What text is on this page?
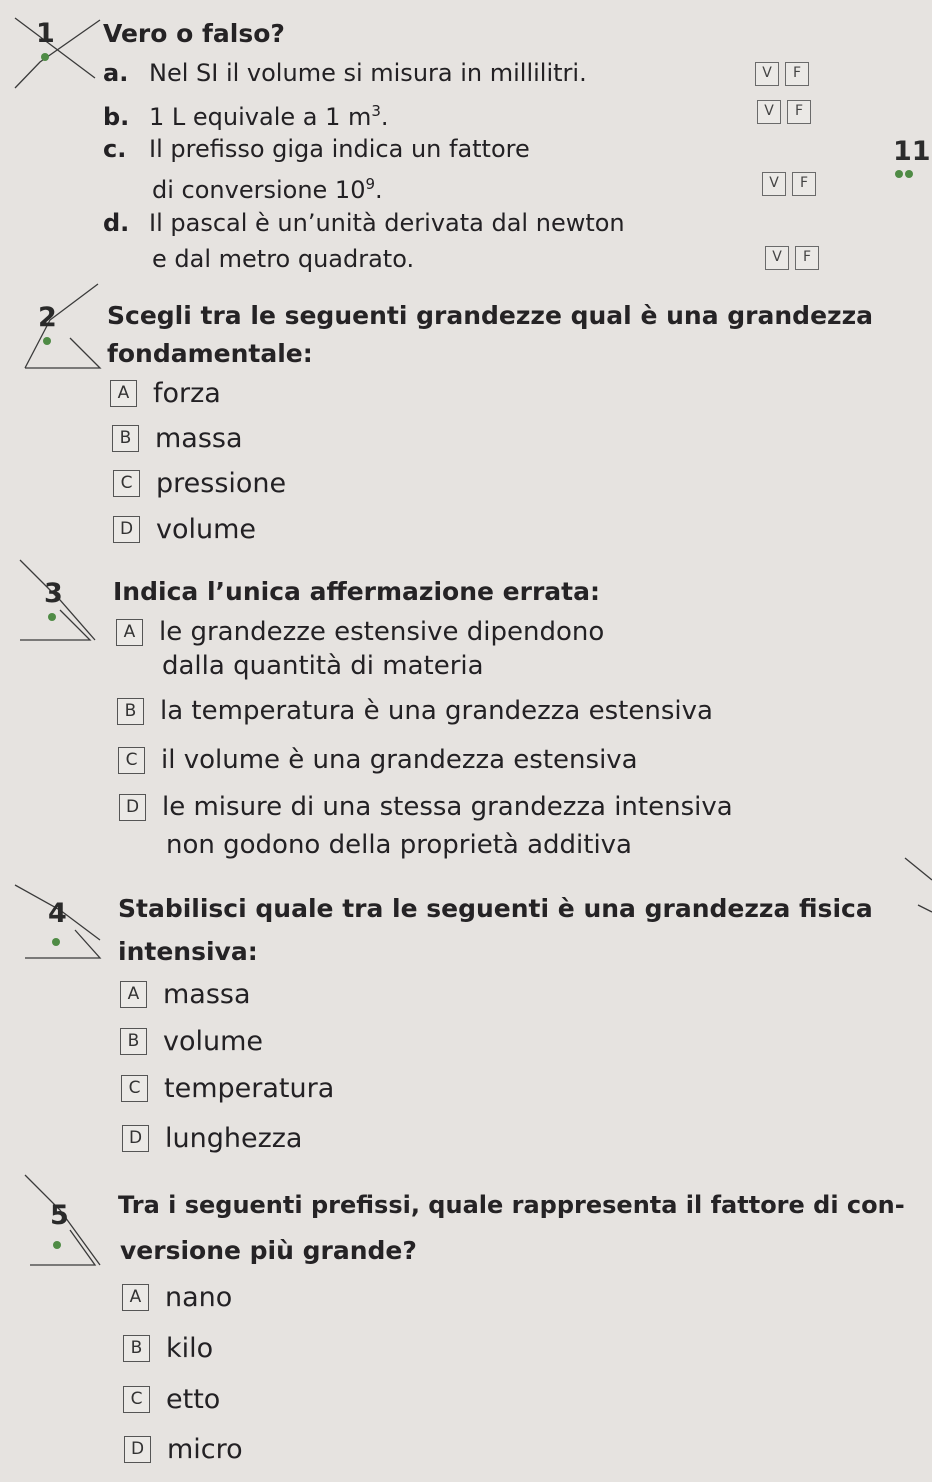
11
1 Vero o falso?
a. Nel SI il volume si misura in millilitri.	V	F
b. 1 L equivale a 1 $m^3$.	V	F
c. Il prefisso giga indica un fattore
di conversione $10^9$.	V	F
d. Il pascal è un’unità derivata dal newton
e dal metro quadrato.	V	F
2 Scegli tra le seguenti grandezze qual è una grandezza
fondamentale:
A forza
B massa
C pressione
D volume
3 Indica l’unica affermazione errata:
A le grandezze estensive dipendono
dalla quantità di materia
B la temperatura è una grandezza estensiva
C il volume è una grandezza estensiva
D le misure di una stessa grandezza intensiva
non godono della proprietà additiva
4 Stabilisci quale tra le seguenti è una grandezza fisica
intensiva:
A massa
B volume
C temperatura
D lunghezza
5 Tra i seguenti prefissi, quale rappresenta il fattore di con-
versione più grande?
A nano
B kilo
C etto
D micro
